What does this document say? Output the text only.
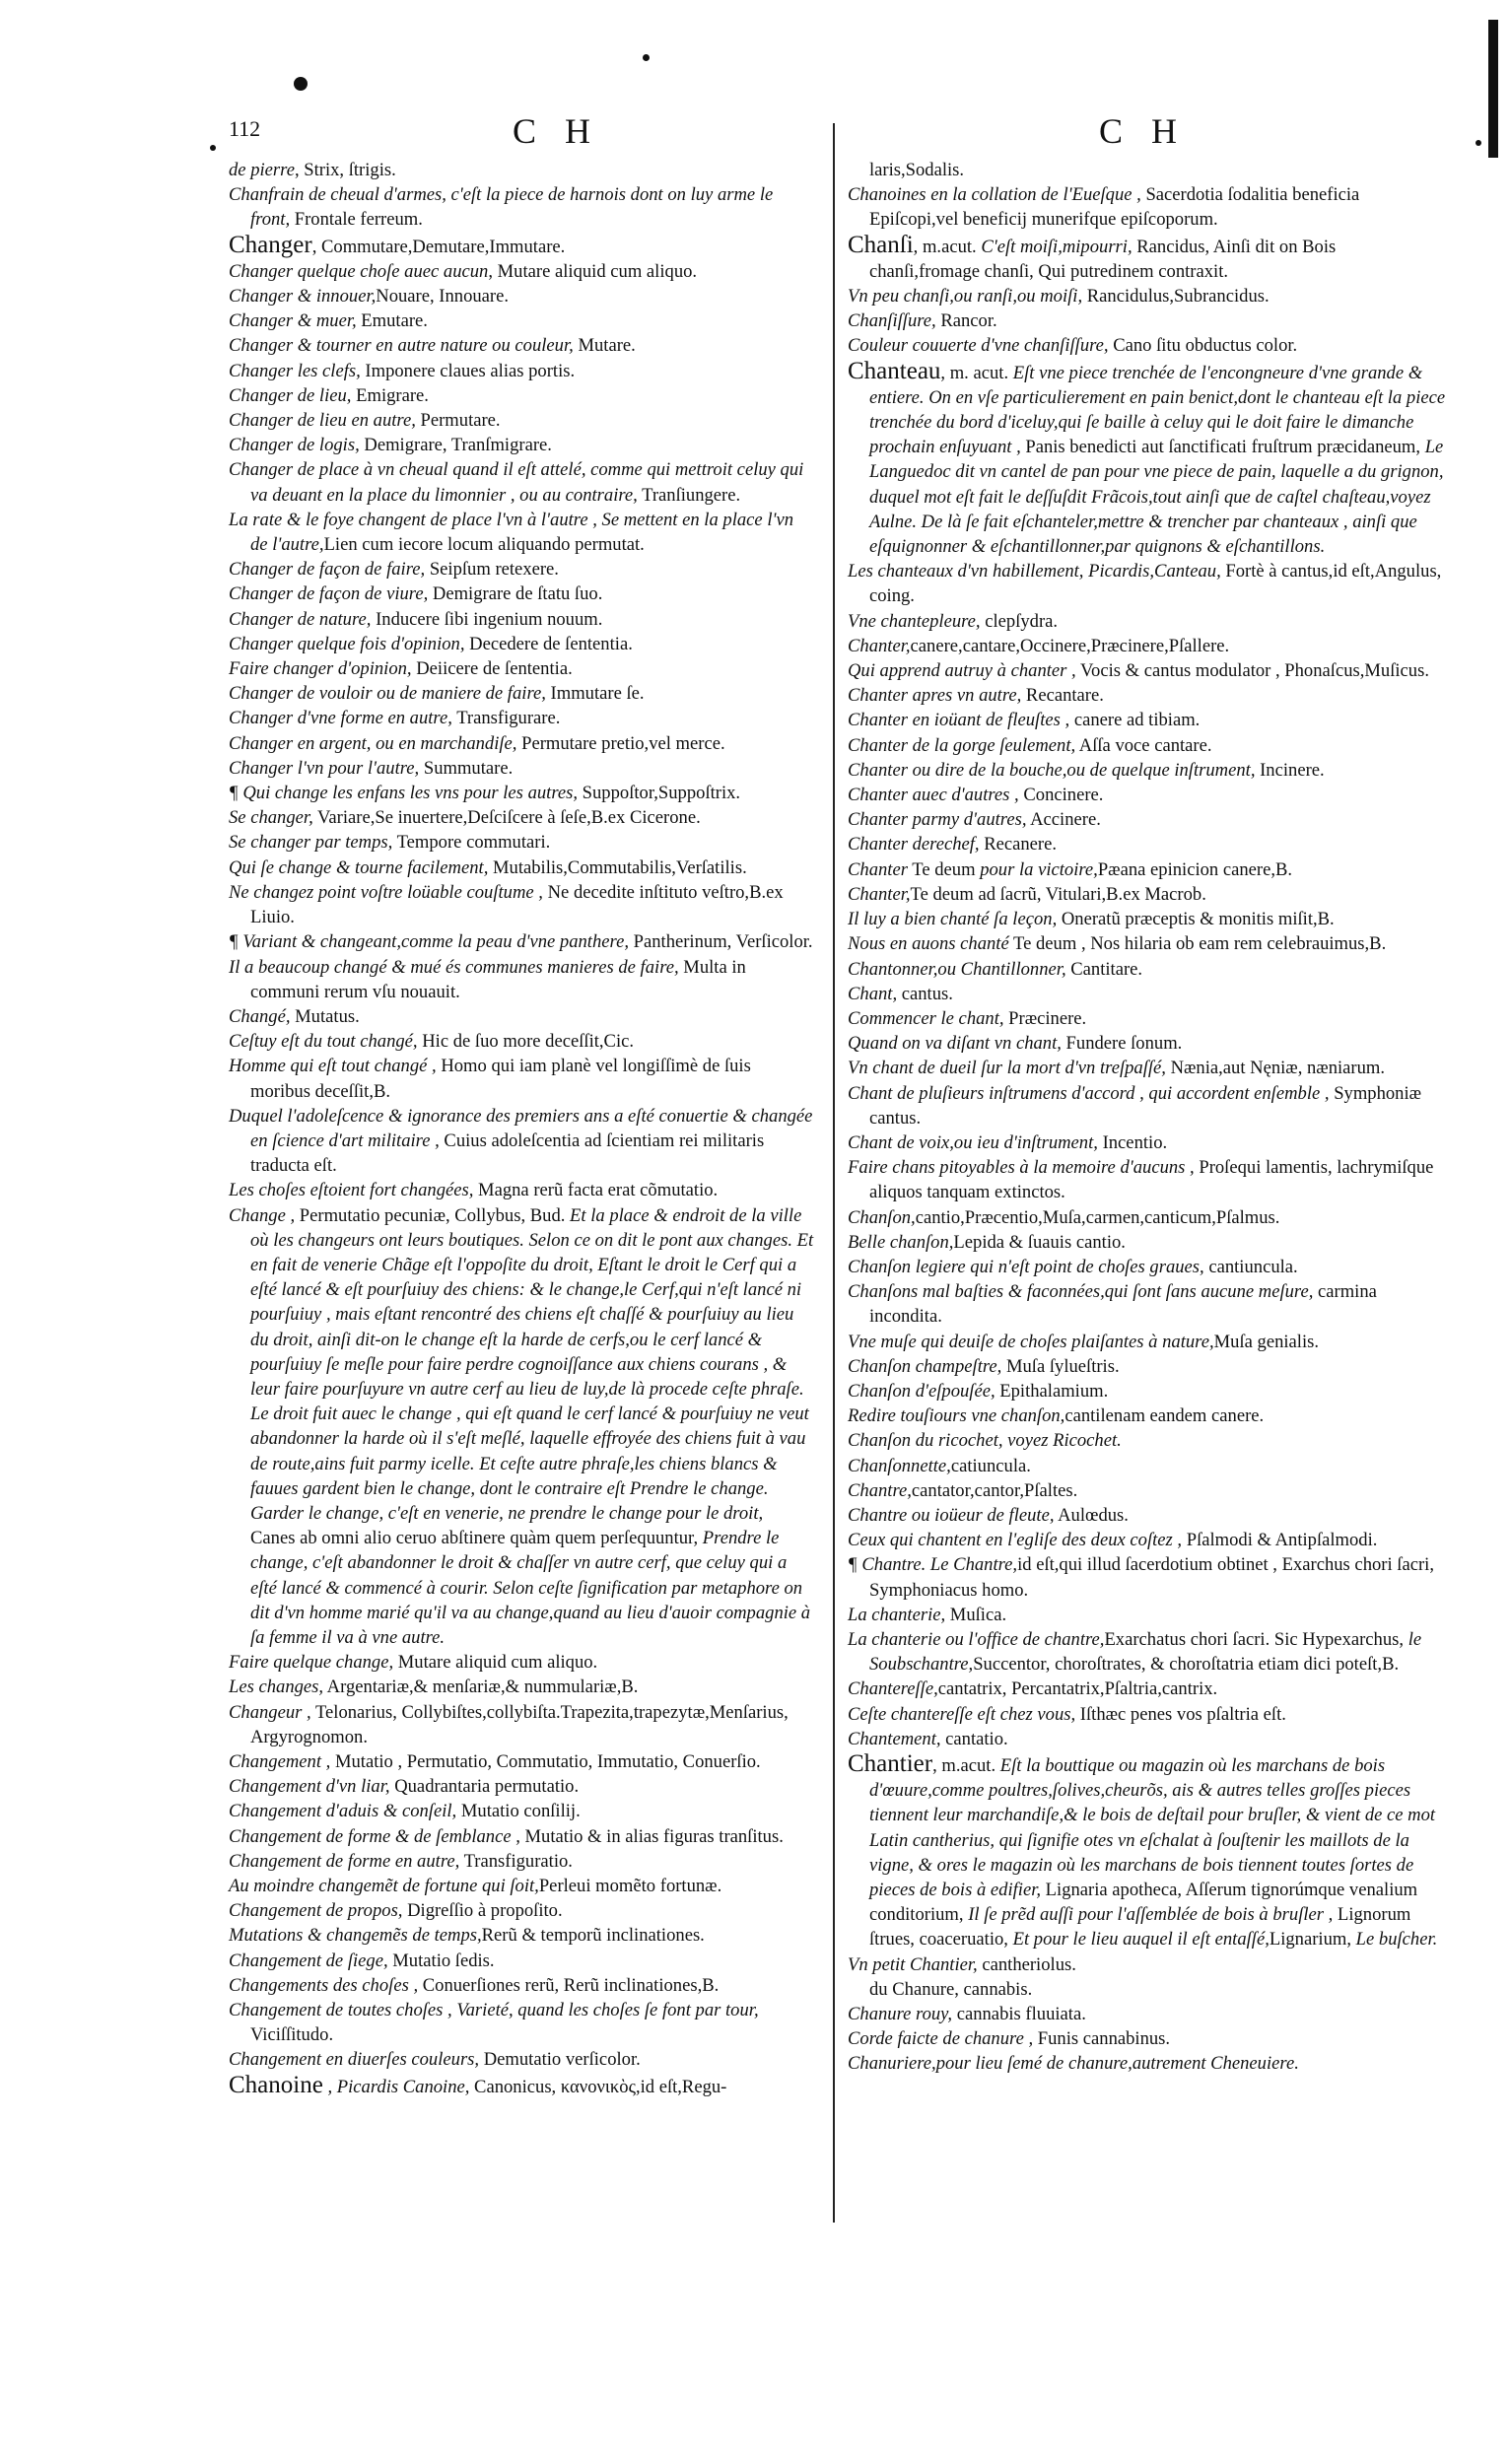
112	C H	C H

de pierre, Strix, ſtrigis.

Chanfrain de cheual d'armes, c'eſt la piece de harnois dont on luy arme le front, Frontale ferreum.

Changer, Commutare,Demutare,Immutare.

Changer quelque choſe auec aucun, Mutare aliquid cum aliquo.

Changer & innouer,Nouare, Innouare.

Changer & muer, Emutare.

Changer & tourner en autre nature ou couleur, Mutare.

Changer les clefs, Imponere claues alias portis.

Changer de lieu, Emigrare.

Changer de lieu en autre, Permutare.

Changer de logis, Demigrare, Tranſmigrare.

Changer de place à vn cheual quand il eſt attelé, comme qui mettroit celuy qui va deuant en la place du limonnier , ou au contraire, Tranſiungere.

La rate & le foye changent de place l'vn à l'autre , Se mettent en la place l'vn de l'autre,Lien cum iecore locum aliquando permutat.

Changer de façon de faire, Seipſum retexere.

Changer de façon de viure, Demigrare de ſtatu ſuo.

Changer de nature, Inducere ſibi ingenium nouum.

Changer quelque fois d'opinion, Decedere de ſententia.

Faire changer d'opinion, Deiicere de ſententia.

Changer de vouloir ou de maniere de faire, Immutare ſe.

Changer d'vne forme en autre, Transfigurare.

Changer en argent, ou en marchandiſe, Permutare pretio,vel merce.

Changer l'vn pour l'autre, Summutare.

¶ Qui change les enfans les vns pour les autres, Suppoſtor,Suppoſtrix.

Se changer, Variare,Se inuertere,Deſciſcere à ſeſe,B.ex Cicerone.

Se changer par temps, Tempore commutari.

Qui ſe change & tourne facilement, Mutabilis,Commutabilis,Verſatilis.

Ne changez point voſtre loüable couſtume , Ne decedite inſtituto veſtro,B.ex Liuio.

¶ Variant & changeant,comme la peau d'vne panthere, Pantherinum, Verſicolor.

Il a beaucoup changé & mué és communes manieres de faire, Multa in communi rerum vſu nouauit.

Changé, Mutatus.

Ceſtuy eſt du tout changé, Hic de ſuo more deceſſit,Cic.

Homme qui eſt tout changé , Homo qui iam planè vel longiſſimè de ſuis moribus deceſſit,B.

Duquel l'adoleſcence & ignorance des premiers ans a eſté conuertie & changée en ſcience d'art militaire , Cuius adoleſcentia ad ſcientiam rei militaris traducta eſt.

Les choſes eſtoient fort changées, Magna rerũ facta erat cõmutatio.

Change , Permutatio pecuniæ, Collybus, Bud. Et la place & endroit de la ville où les changeurs ont leurs boutiques. Selon ce on dit le pont aux changes. Et en fait de venerie Chãge eſt l'oppoſite du droit, Eſtant le droit le Cerf qui a eſté lancé & eſt pourſuiuy des chiens: & le change,le Cerf,qui n'eſt lancé ni pourſuiuy , mais eſtant rencontré des chiens eſt chaſſé & pourſuiuy au lieu du droit, ainſi dit-on le change eſt la harde de cerfs,ou le cerf lancé & pourſuiuy ſe meſle pour faire perdre cognoiſſance aux chiens courans , & leur faire pourſuyure vn autre cerf au lieu de luy,de là procede ceſte phraſe. Le droit fuit auec le change , qui eſt quand le cerf lancé & pourſuiuy ne veut abandonner la harde où il s'eſt meſlé, laquelle effroyée des chiens fuit à vau de route,ains fuit parmy icelle. Et ceſte autre phraſe,les chiens blancs & fauues gardent bien le change, dont le contraire eſt Prendre le change. Garder le change, c'eſt en venerie, ne prendre le change pour le droit,

Canes ab omni alio ceruo abſtinere quàm quem perſequuntur, Prendre le change, c'eſt abandonner le droit & chaſſer vn autre cerf, que celuy qui a eſté lancé & commencé à courir. Selon ceſte ſignification par metaphore on dit d'vn homme marié qu'il va au change,quand au lieu d'auoir compagnie à ſa femme il va à vne autre.

Faire quelque change, Mutare aliquid cum aliquo.

Les changes, Argentariæ,& menſariæ,& nummulariæ,B.

Changeur , Telonarius, Collybiſtes,collybiſta.Trapezita,trapezytæ,Menſarius, Argyrognomon.

Changement , Mutatio , Permutatio, Commutatio, Immutatio, Conuerſio.

Changement d'vn liar, Quadrantaria permutatio.

Changement d'aduis & conſeil, Mutatio conſilij.

Changement de forme & de ſemblance , Mutatio & in alias figuras tranſitus.

Changement de forme en autre, Transfiguratio.

Au moindre changemẽt de fortune qui ſoit,Perleui momẽto fortunæ.

Changement de propos, Digreſſio à propoſito.

Mutations & changemẽs de temps,Rerũ & temporũ inclinationes.

Changement de ſiege, Mutatio ſedis.

Changements des choſes , Conuerſiones rerũ, Rerũ inclinationes,B.

Changement de toutes choſes , Varieté, quand les choſes ſe font par tour, Viciſſitudo.

Changement en diuerſes couleurs, Demutatio verſicolor.

Chanoine , Picardis Canoine, Canonicus, κανονικὸς,id eſt,Regu-

laris,Sodalis.

Chanoines en la collation de l'Eueſque , Sacerdotia ſodalitia beneficia Epiſcopi,vel beneficij munerifque epiſcoporum.

Chanſi, m.acut. C'eſt moiſi,mipourri, Rancidus, Ainſi dit on Bois chanſi,fromage chanſi, Qui putredinem contraxit.

Vn peu chanſi,ou ranſi,ou moiſi, Rancidulus,Subrancidus.

Chanſiſſure, Rancor.

Couleur couuerte d'vne chanſiſſure, Cano ſitu obductus color.

Chanteau, m. acut. Eſt vne piece trenchée de l'encongneure d'vne grande & entiere. On en vſe particulierement en pain benict,dont le chanteau eſt la piece trenchée du bord d'iceluy,qui ſe baille à celuy qui le doit faire le dimanche prochain enſuyuant , Panis benedicti aut ſanctificati fruſtrum præcidaneum, Le Languedoc dit vn cantel de pan pour vne piece de pain, laquelle a du grignon, duquel mot eſt fait le deſſuſdit Frãcois,tout ainſi que de caſtel chaſteau,voyez Aulne. De là ſe fait eſchanteler,mettre & trencher par chanteaux , ainſi que eſquignonner & eſchantillonner,par quignons & eſchantillons.

Les chanteaux d'vn habillement, Picardis,Canteau, Fortè à cantus,id eſt,Angulus, coing.

Vne chantepleure, clepſydra.

Chanter,canere,cantare,Occinere,Præcinere,Pſallere.

Qui apprend autruy à chanter , Vocis & cantus modulator , Phonaſcus,Muſicus.

Chanter apres vn autre, Recantare.

Chanter en ioüant de fleuſtes , canere ad tibiam.

Chanter de la gorge ſeulement, Aſſa voce cantare.

Chanter ou dire de la bouche,ou de quelque inſtrument, Incinere.

Chanter auec d'autres , Concinere.

Chanter parmy d'autres, Accinere.

Chanter derechef, Recanere.

Chanter Te deum pour la victoire,Pæana epinicion canere,B.

Chanter,Te deum ad ſacrũ, Vitulari,B.ex Macrob.

Il luy a bien chanté ſa leçon, Oneratũ præceptis & monitis miſit,B.

Nous en auons chanté Te deum , Nos hilaria ob eam rem celebrauimus,B.

Chantonner,ou Chantillonner, Cantitare.

Chant, cantus.

Commencer le chant, Præcinere.

Quand on va diſant vn chant, Fundere ſonum.

Vn chant de dueil ſur la mort d'vn treſpaſſé, Nænia,aut Nęniæ, næniarum.

Chant de pluſieurs inſtrumens d'accord , qui accordent enſemble , Symphoniæ cantus.

Chant de voix,ou ieu d'inſtrument, Incentio.

Faire chans pitoyables à la memoire d'aucuns , Proſequi lamentis, lachrymiſque aliquos tanquam extinctos.

Chanſon,cantio,Præcentio,Muſa,carmen,canticum,Pſalmus.

Belle chanſon,Lepida & ſuauis cantio.

Chanſon legiere qui n'eſt point de choſes graues, cantiuncula.

Chanſons mal baſties & faconnées,qui ſont ſans aucune meſure, carmina incondita.

Vne muſe qui deuiſe de choſes plaiſantes à nature,Muſa genialis.

Chanſon champeſtre, Muſa ſylueſtris.

Chanſon d'eſpouſée, Epithalamium.

Redire touſiours vne chanſon,cantilenam eandem canere.

Chanſon du ricochet, voyez Ricochet.

Chanſonnette,catiuncula.

Chantre,cantator,cantor,Pſaltes.

Chantre ou ioüeur de fleute, Aulœdus.

Ceux qui chantent en l'egliſe des deux coſtez , Pſalmodi & Antipſalmodi.

¶ Chantre. Le Chantre,id eſt,qui illud ſacerdotium obtinet , Exarchus chori ſacri, Symphoniacus homo.

La chanterie, Muſica.

La chanterie ou l'office de chantre,Exarchatus chori ſacri. Sic Hypexarchus, le Soubschantre,Succentor, choroſtrates, & choroſtatria etiam dici poteſt,B.

Chantereſſe,cantatrix, Percantatrix,Pſaltria,cantrix.

Ceſte chantereſſe eſt chez vous, Iſthæc penes vos pſaltria eſt.

Chantement, cantatio.

Chantier, m.acut. Eſt la bouttique ou magazin où les marchans de bois d'œuure,comme poultres,ſolives,cheurõs, ais & autres telles groſſes pieces tiennent leur marchandiſe,& le bois de deſtail pour bruſler, & vient de ce mot Latin cantherius, qui ſignifie otes vn eſchalat à ſouſtenir les maillots de la vigne, & ores le magazin où les marchans de bois tiennent toutes ſortes de pieces de bois à edifier, Lignaria apotheca, Aſſerum tignorúmque venalium conditorium, Il ſe prẽd auſſi pour l'aſſemblée de bois à bruſler , Lignorum ſtrues, coaceruatio, Et pour le lieu auquel il eſt entaſſé,Lignarium, Le buſcher.

Vn petit Chantier, cantheriolus.

du Chanure, cannabis.

Chanure rouy, cannabis fluuiata.

Corde faicte de chanure , Funis cannabinus.

Chanuriere,pour lieu ſemé de chanure,autrement Cheneuiere.
